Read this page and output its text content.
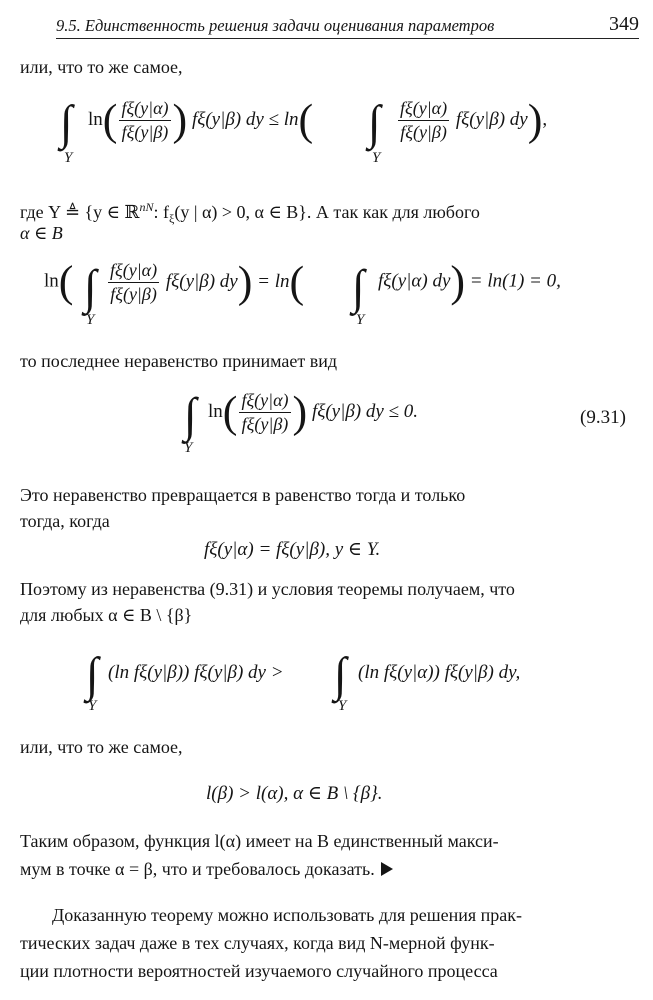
9.5. Единственность решения задачи оценивания параметров	349
или, что то же самое,
∫
Y
$\ln( \frac{f\xi(y|\alpha)}{f\xi(y|\beta)}$ ) fξ(y|β) dy ≤ ln( ∫
Y
$\frac{f\xi(y|\alpha)}{f\xi(y|\beta)} f\xi(y|\beta)$ dy),
где Y ≜ {y ∈ ℝ$^{nN}$: $f_\xi(y$ | α) > 0, α ∈ B}. А так как для любого
α ∈ B
ln( ∫
Y
$\frac{f\xi(y|\alpha)}{f\xi(y|\beta)} f\xi(y|\beta) dy) = \ln$( ∫
Y
fξ(y|α) dy) = ln(1) = 0,
то последнее неравенство принимает вид
∫
Y
$\ln( \frac{f\xi(y|\alpha)}{f\xi(y|\beta)}$ ) fξ(y|β) dy ≤ 0.	(9.31)
Это неравенство превращается в равенство тогда и только
тогда, когда
fξ(y|α) = fξ(y|β), y ∈ Y.
Поэтому из неравенства (9.31) и условия теоремы получаем, что
для любых α ∈ B \ {β}
∫
Y
(ln fξ(y|β)) fξ(y|β) dy > ∫
Y
(ln fξ(y|α)) fξ(y|β) dy,
или, что то же самое,
l(β) > l(α), α ∈ B \ {β}.
Таким образом, функция l(α) имеет на B единственный макси-
мум в точке α = β, что и требовалось доказать.
Доказанную теорему можно использовать для решения прак-
тических задач даже в тех случаях, когда вид N-мерной функ-
ции плотности вероятностей изучаемого случайного процесса
